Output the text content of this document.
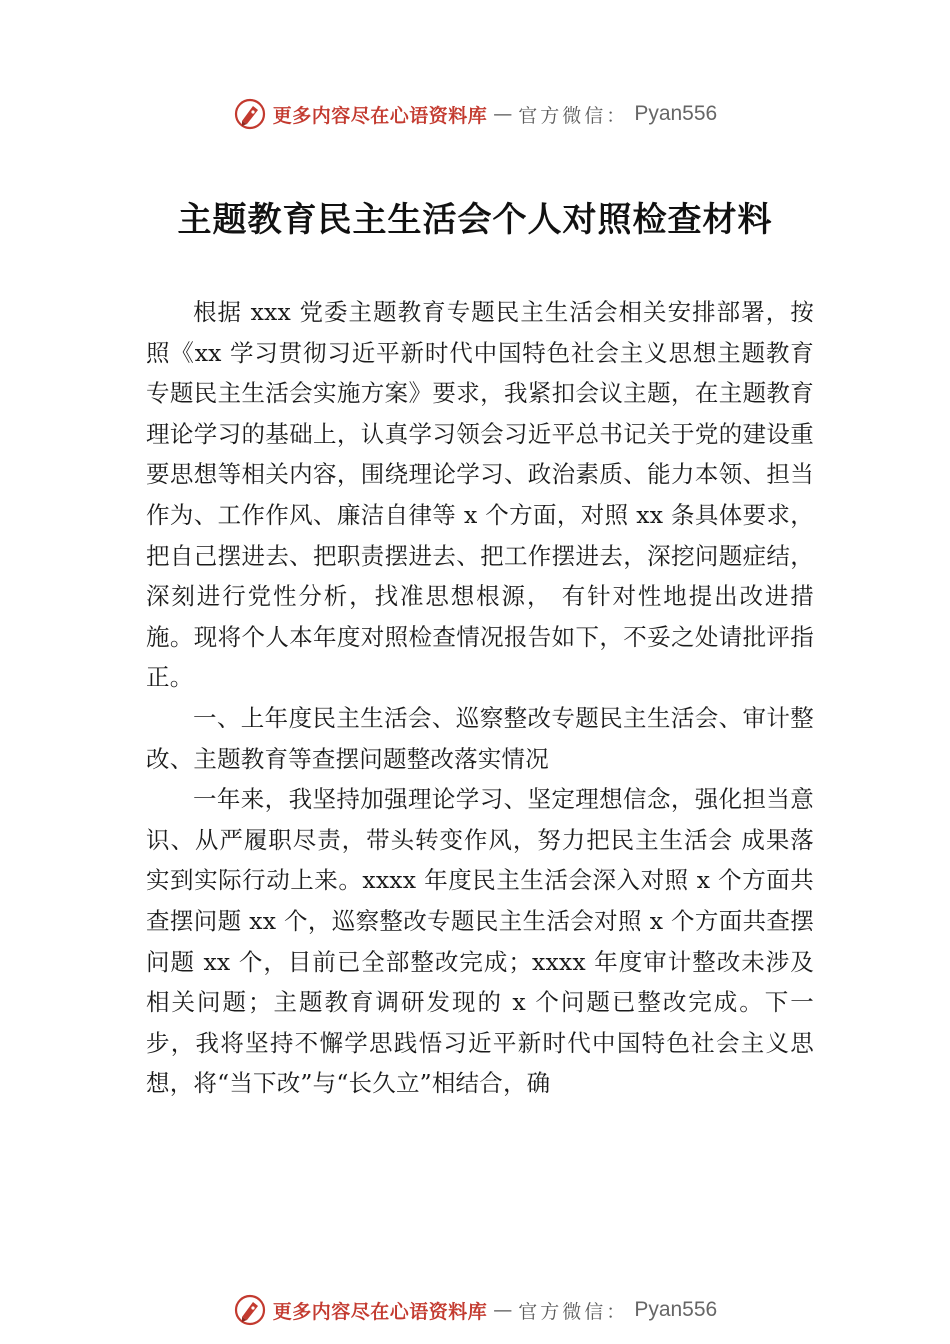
更多内容尽在心语资料库 — 官方微信： Pyan556
主题教育民主生活会个人对照检查材料

根据 xxx 党委主题教育专题民主生活会相关安排部署，按照《xx 学习贯彻习近平新时代中国特色社会主义思想主题教育专题民主生活会实施方案》要求，我紧扣会议主题，在主题教育理论学习的基础上，认真学习领会习近平总书记关于党的建设重要思想等相关内容，围绕理论学习、政治素质、能力本领、担当作为、工作作风、廉洁自律等 x 个方面，对照 xx 条具体要求，把自己摆进去、把职责摆进去、把工作摆进去，深挖问题症结，深刻进行党性分析，找准思想根源， 有针对性地提出改进措施。现将个人本年度对照检查情况报告如下，不妥之处请批评指正。

一、上年度民主生活会、巡察整改专题民主生活会、审计整改、主题教育等查摆问题整改落实情况

一年来，我坚持加强理论学习、坚定理想信念，强化担当意识、从严履职尽责，带头转变作风，努力把民主生活会 成果落实到实际行动上来。xxxx 年度民主生活会深入对照 x 个方面共查摆问题 xx 个，巡察整改专题民主生活会对照 x 个方面共查摆问题 xx 个，目前已全部整改完成；xxxx 年度审计整改未涉及相关问题；主题教育调研发现的 x 个问题已整改完成。下一步，我将坚持不懈学思践悟习近平新时代中国特色社会主义思想，将“当下改”与“长久立”相结合，确

更多内容尽在心语资料库 — 官方微信： Pyan556
